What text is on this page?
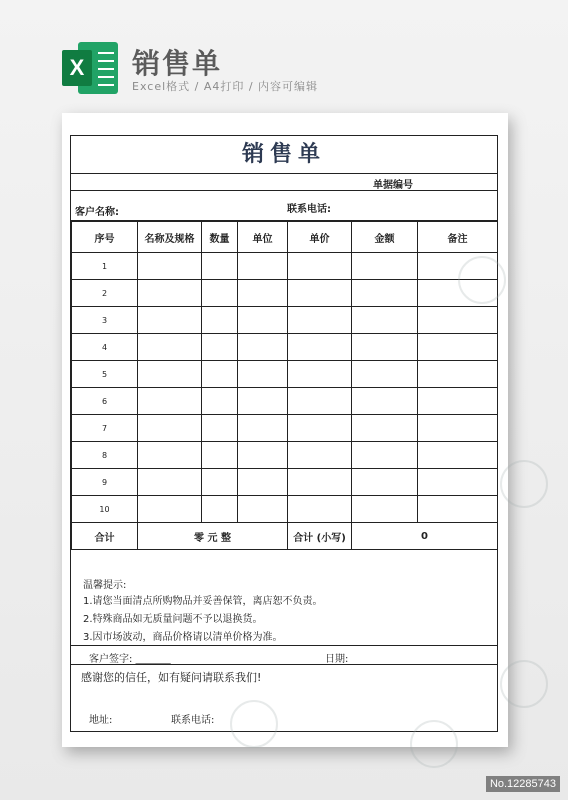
X 销售单
Excel格式 / A4打印 / 内容可编辑
销售单
单据编号
客户名称:	联系电话:
序号	名称及规格	数量	单位	单价	金额	备注
1						
2						
3						
4						
5						
6						
7						
8						
9						
10						
合计	零 元 整			合计 (小写)	0	
温馨提示:
1.请您当面清点所购物品并妥善保管，离店恕不负责。
2.特殊商品如无质量问题不予以退换货。
3.因市场波动，商品价格请以清单价格为准。
客户签字: _______	日期:
感谢您的信任，如有疑问请联系我们!
地址:	联系电话:
No.12285743
